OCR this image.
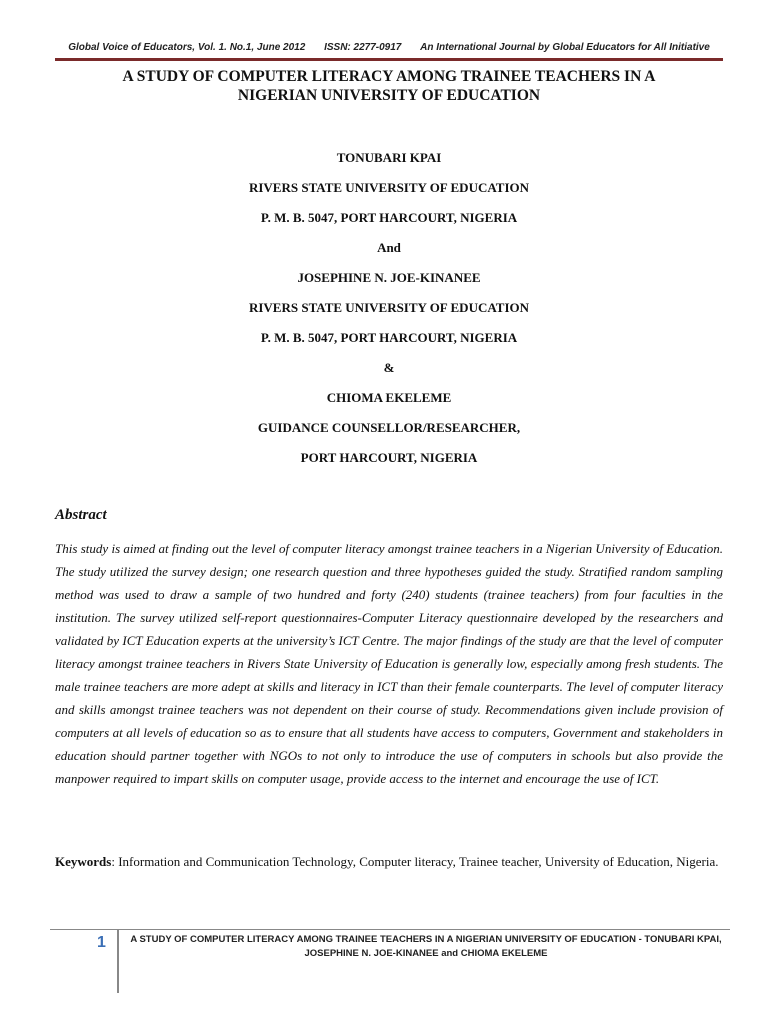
Global Voice of Educators, Vol. 1. No.1, June 2012 ISSN: 2277-0917 An International Journal by Global Educators for All Initiative
A STUDY OF COMPUTER LITERACY AMONG TRAINEE TEACHERS IN A
NIGERIAN UNIVERSITY OF EDUCATION
TONUBARI KPAI
RIVERS STATE UNIVERSITY OF EDUCATION
P. M. B. 5047, PORT HARCOURT, NIGERIA
And
JOSEPHINE N. JOE-KINANEE
RIVERS STATE UNIVERSITY OF EDUCATION
P. M. B. 5047, PORT HARCOURT, NIGERIA
&
CHIOMA EKELEME
GUIDANCE COUNSELLOR/RESEARCHER,
PORT HARCOURT, NIGERIA
Abstract
This study is aimed at finding out the level of computer literacy amongst trainee teachers in a Nigerian University of Education. The study utilized the survey design; one research question and three hypotheses guided the study. Stratified random sampling method was used to draw a sample of two hundred and forty (240) students (trainee teachers) from four faculties in the institution. The survey utilized self-report questionnaires-Computer Literacy questionnaire developed by the researchers and validated by ICT Education experts at the university’s ICT Centre. The major findings of the study are that the level of computer literacy amongst trainee teachers in Rivers State University of Education is generally low, especially among fresh students. The male trainee teachers are more adept at skills and literacy in ICT than their female counterparts. The level of computer literacy and skills amongst trainee teachers was not dependent on their course of study. Recommendations given include provision of computers at all levels of education so as to ensure that all students have access to computers, Government and stakeholders in education should partner together with NGOs to not only to introduce the use of computers in schools but also provide the manpower required to impart skills on computer usage, provide access to the internet and encourage the use of ICT.
Keywords: Information and Communication Technology, Computer literacy, Trainee teacher, University of Education, Nigeria.
1	A STUDY OF COMPUTER LITERACY AMONG TRAINEE TEACHERS IN A NIGERIAN UNIVERSITY OF EDUCATION - TONUBARI KPAI, JOSEPHINE N. JOE-KINANEE and CHIOMA EKELEME
